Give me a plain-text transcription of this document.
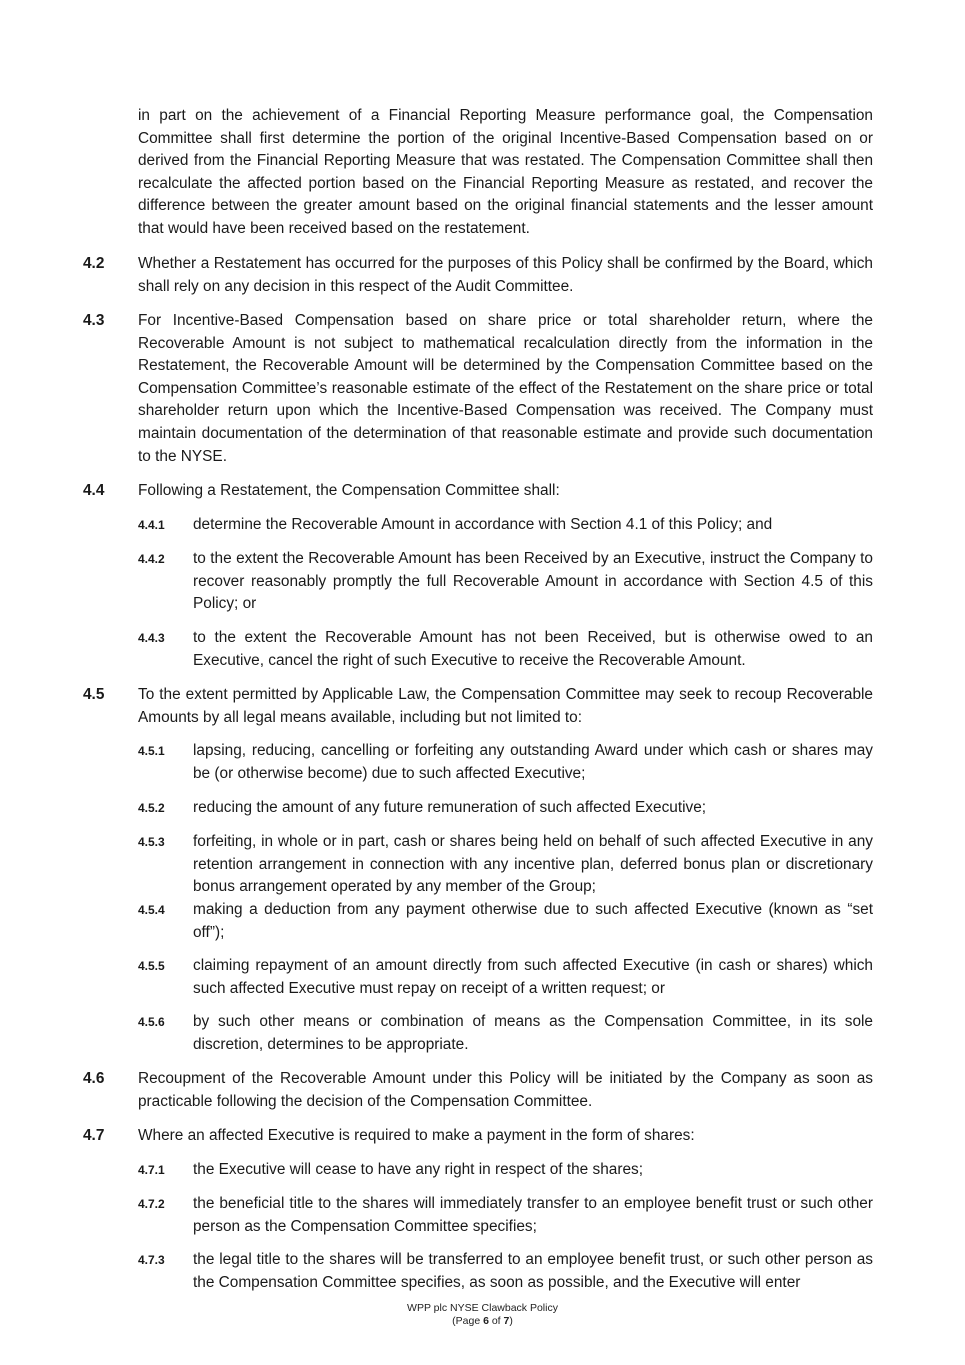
in part on the achievement of a Financial Reporting Measure performance goal, the Compensation Committee shall first determine the portion of the original Incentive-Based Compensation based on or derived from the Financial Reporting Measure that was restated. The Compensation Committee shall then recalculate the affected portion based on the Financial Reporting Measure as restated, and recover the difference between the greater amount based on the original financial statements and the lesser amount that would have been received based on the restatement.
4.2 Whether a Restatement has occurred for the purposes of this Policy shall be confirmed by the Board, which shall rely on any decision in this respect of the Audit Committee.
4.3 For Incentive-Based Compensation based on share price or total shareholder return, where the Recoverable Amount is not subject to mathematical recalculation directly from the information in the Restatement, the Recoverable Amount will be determined by the Compensation Committee based on the Compensation Committee’s reasonable estimate of the effect of the Restatement on the share price or total shareholder return upon which the Incentive-Based Compensation was received. The Company must maintain documentation of the determination of that reasonable estimate and provide such documentation to the NYSE.
4.4 Following a Restatement, the Compensation Committee shall:
4.4.1 determine the Recoverable Amount in accordance with Section 4.1 of this Policy; and
4.4.2 to the extent the Recoverable Amount has been Received by an Executive, instruct the Company to recover reasonably promptly the full Recoverable Amount in accordance with Section 4.5 of this Policy; or
4.4.3 to the extent the Recoverable Amount has not been Received, but is otherwise owed to an Executive, cancel the right of such Executive to receive the Recoverable Amount.
4.5 To the extent permitted by Applicable Law, the Compensation Committee may seek to recoup Recoverable Amounts by all legal means available, including but not limited to:
4.5.1 lapsing, reducing, cancelling or forfeiting any outstanding Award under which cash or shares may be (or otherwise become) due to such affected Executive;
4.5.2 reducing the amount of any future remuneration of such affected Executive;
4.5.3 forfeiting, in whole or in part, cash or shares being held on behalf of such affected Executive in any retention arrangement in connection with any incentive plan, deferred bonus plan or discretionary bonus arrangement operated by any member of the Group;
4.5.4 making a deduction from any payment otherwise due to such affected Executive (known as “set off”);
4.5.5 claiming repayment of an amount directly from such affected Executive (in cash or shares) which such affected Executive must repay on receipt of a written request; or
4.5.6 by such other means or combination of means as the Compensation Committee, in its sole discretion, determines to be appropriate.
4.6 Recoupment of the Recoverable Amount under this Policy will be initiated by the Company as soon as practicable following the decision of the Compensation Committee.
4.7 Where an affected Executive is required to make a payment in the form of shares:
4.7.1 the Executive will cease to have any right in respect of the shares;
4.7.2 the beneficial title to the shares will immediately transfer to an employee benefit trust or such other person as the Compensation Committee specifies;
4.7.3 the legal title to the shares will be transferred to an employee benefit trust, or such other person as the Compensation Committee specifies, as soon as possible, and the Executive will enter
WPP plc NYSE Clawback Policy
(Page 6 of 7)
